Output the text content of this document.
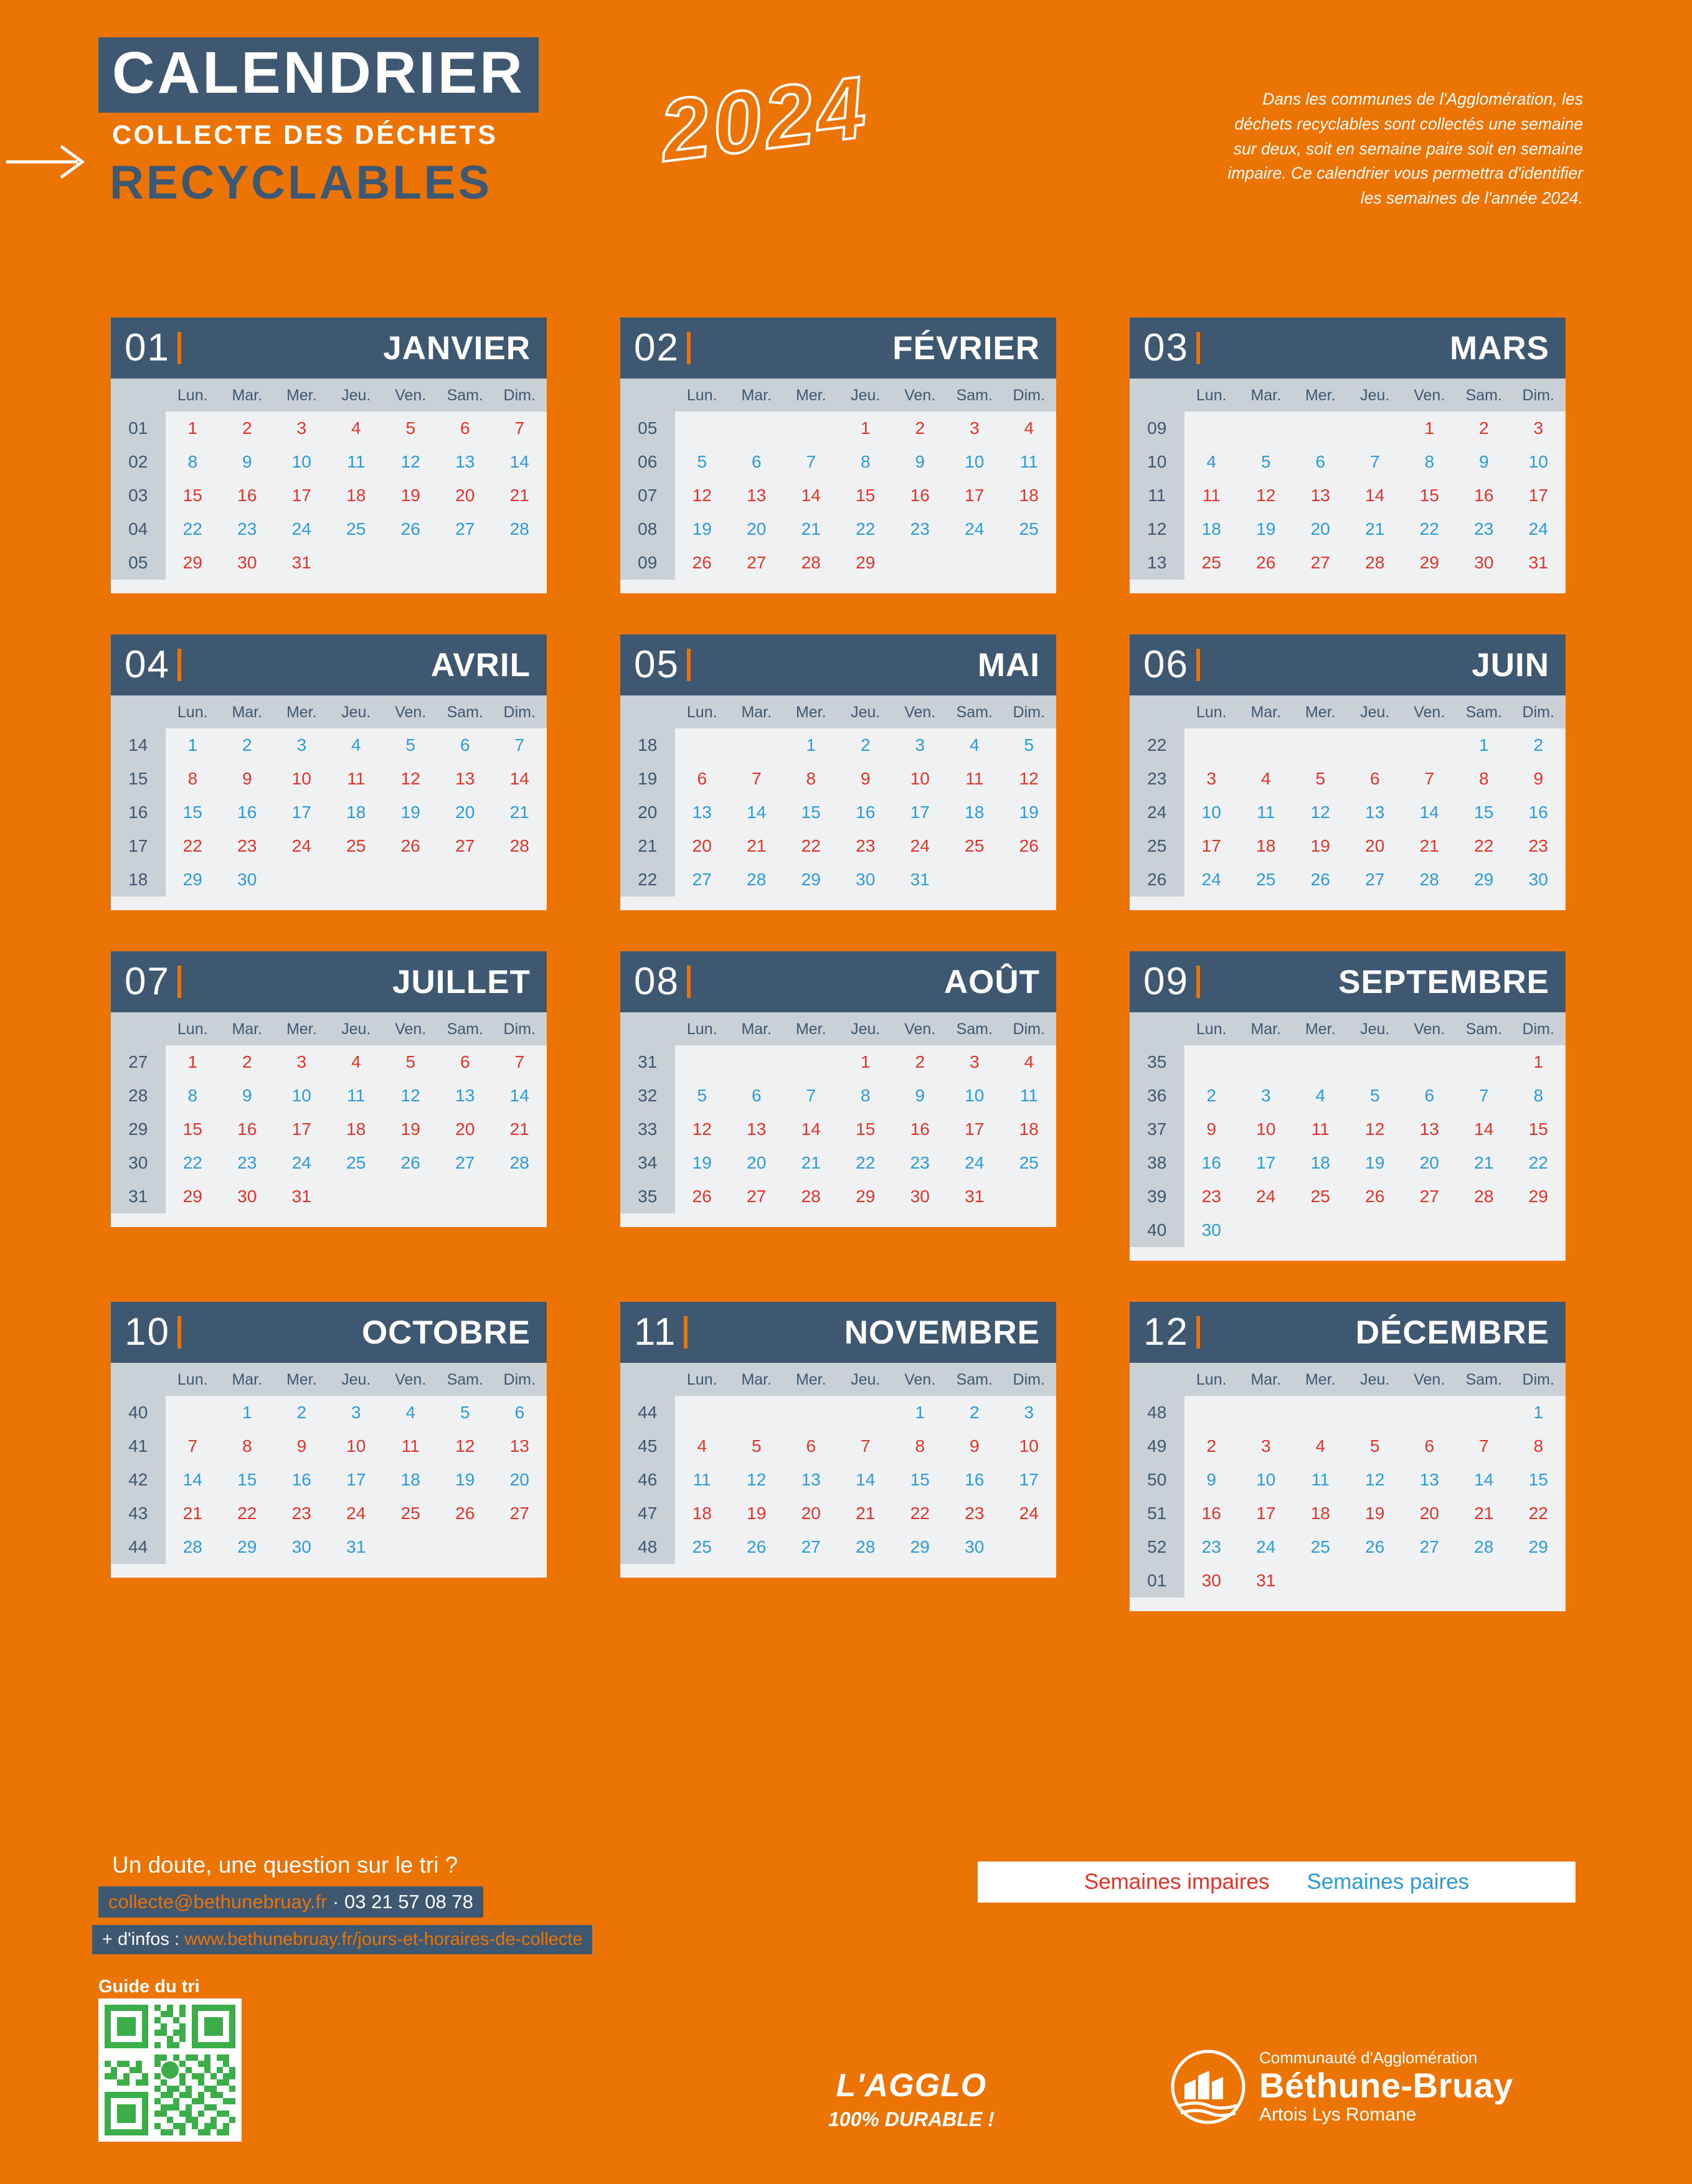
CALENDRIER
COLLECTE DES DÉCHETS
RECYCLABLES
2024	Dans les communes de l'Agglomération, les déchets recyclables sont collectés une semaine sur deux, soit en semaine paire soit en semaine impaire. Ce calendrier vous permettra d'identifier les semaines de l'année 2024.
01	JANVIER
	Lun.	Mar.	Mer.	Jeu.	Ven.	Sam.	Dim.
01	1	2	3	4	5	6	7
02	8	9	10	11	12	13	14
03	15	16	17	18	19	20	21
04	22	23	24	25	26	27	28
05	29	30	31				
02	FÉVRIER
	Lun.	Mar.	Mer.	Jeu.	Ven.	Sam.	Dim.
05				1	2	3	4
06	5	6	7	8	9	10	11
07	12	13	14	15	16	17	18
08	19	20	21	22	23	24	25
09	26	27	28	29			
03	MARS
	Lun.	Mar.	Mer.	Jeu.	Ven.	Sam.	Dim.
09					1	2	3
10	4	5	6	7	8	9	10
11	11	12	13	14	15	16	17
12	18	19	20	21	22	23	24
13	25	26	27	28	29	30	31
04	AVRIL
	Lun.	Mar.	Mer.	Jeu.	Ven.	Sam.	Dim.
14	1	2	3	4	5	6	7
15	8	9	10	11	12	13	14
16	15	16	17	18	19	20	21
17	22	23	24	25	26	27	28
18	29	30					
05	MAI
	Lun.	Mar.	Mer.	Jeu.	Ven.	Sam.	Dim.
18			1	2	3	4	5
19	6	7	8	9	10	11	12
20	13	14	15	16	17	18	19
21	20	21	22	23	24	25	26
22	27	28	29	30	31		
06	JUIN
	Lun.	Mar.	Mer.	Jeu.	Ven.	Sam.	Dim.
22						1	2
23	3	4	5	6	7	8	9
24	10	11	12	13	14	15	16
25	17	18	19	20	21	22	23
26	24	25	26	27	28	29	30
07	JUILLET
	Lun.	Mar.	Mer.	Jeu.	Ven.	Sam.	Dim.
27	1	2	3	4	5	6	7
28	8	9	10	11	12	13	14
29	15	16	17	18	19	20	21
30	22	23	24	25	26	27	28
31	29	30	31				
08	AOÛT
	Lun.	Mar.	Mer.	Jeu.	Ven.	Sam.	Dim.
31				1	2	3	4
32	5	6	7	8	9	10	11
33	12	13	14	15	16	17	18
34	19	20	21	22	23	24	25
35	26	27	28	29	30	31	
09	SEPTEMBRE
	Lun.	Mar.	Mer.	Jeu.	Ven.	Sam.	Dim.
35							1
36	2	3	4	5	6	7	8
37	9	10	11	12	13	14	15
38	16	17	18	19	20	21	22
39	23	24	25	26	27	28	29
40	30						
10	OCTOBRE
	Lun.	Mar.	Mer.	Jeu.	Ven.	Sam.	Dim.
40		1	2	3	4	5	6
41	7	8	9	10	11	12	13
42	14	15	16	17	18	19	20
43	21	22	23	24	25	26	27
44	28	29	30	31			
11	NOVEMBRE
	Lun.	Mar.	Mer.	Jeu.	Ven.	Sam.	Dim.
44					1	2	3
45	4	5	6	7	8	9	10
46	11	12	13	14	15	16	17
47	18	19	20	21	22	23	24
48	25	26	27	28	29	30	
12	DÉCEMBRE
	Lun.	Mar.	Mer.	Jeu.	Ven.	Sam.	Dim.
48							1
49	2	3	4	5	6	7	8
50	9	10	11	12	13	14	15
51	16	17	18	19	20	21	22
52	23	24	25	26	27	28	29
01	30	31					
Un doute, une question sur le tri ?
collecte@bethunebruay.fr · 03 21 57 08 78
+ d'infos : www.bethunebruay.fr/jours-et-horaires-de-collecte
Guide du tri
Semaines impaires Semaines paires
L'AGGLO
100% DURABLE !
Communauté d'Agglomération
Béthune-Bruay
Artois Lys Romane
